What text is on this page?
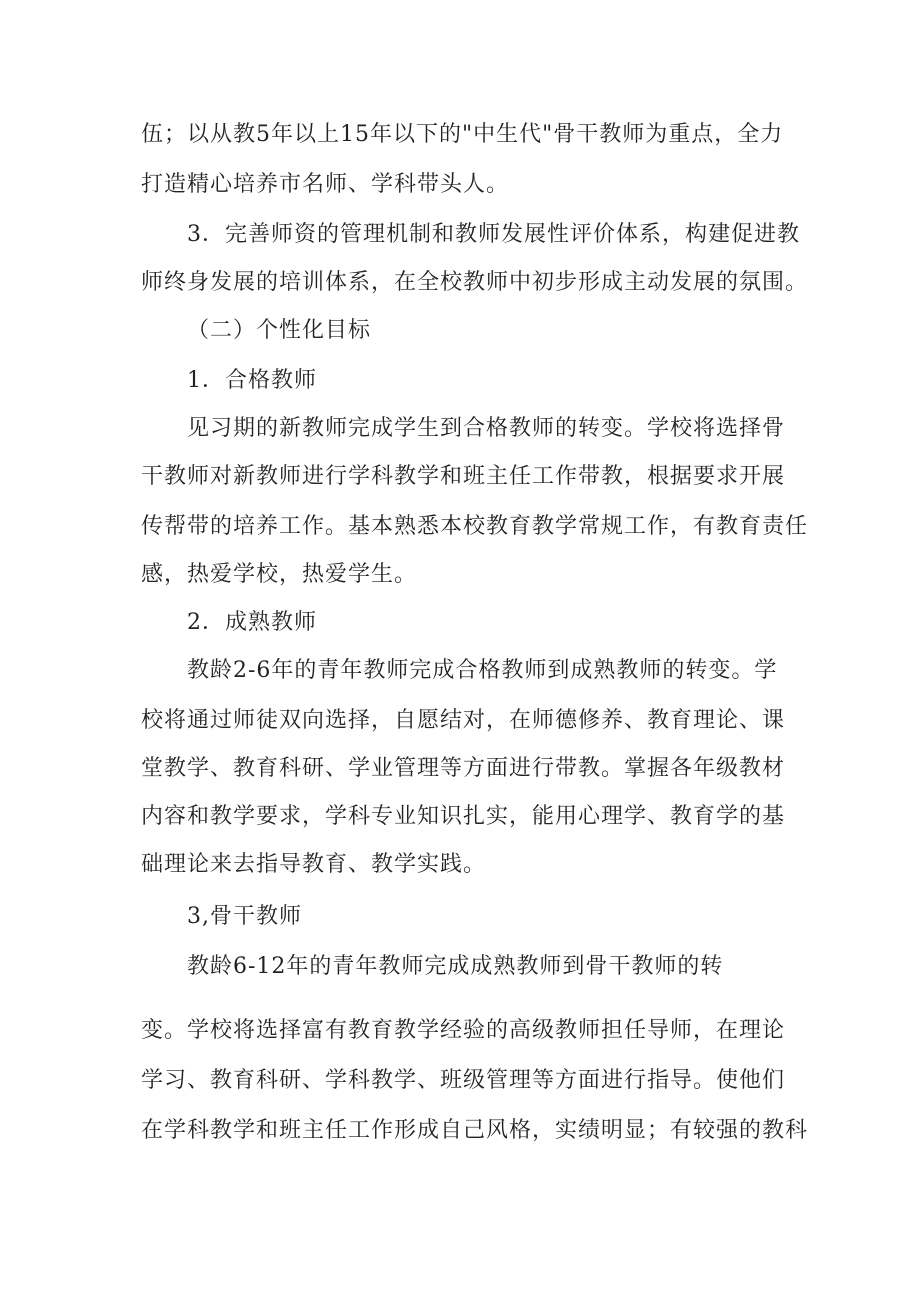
伍；以从教5年以上15年以下的"中生代"骨干教师为重点，全力
打造精心培养市名师、学科带头人。
3．完善师资的管理机制和教师发展性评价体系，构建促进教
师终身发展的培训体系，在全校教师中初步形成主动发展的氛围。
（二）个性化目标
1．合格教师
见习期的新教师完成学生到合格教师的转变。学校将选择骨
干教师对新教师进行学科教学和班主任工作带教，根据要求开展
传帮带的培养工作。基本熟悉本校教育教学常规工作，有教育责任
感，热爱学校，热爱学生。
2．成熟教师
教龄2-6年的青年教师完成合格教师到成熟教师的转变。学
校将通过师徒双向选择，自愿结对，在师德修养、教育理论、课
堂教学、教育科研、学业管理等方面进行带教。掌握各年级教材
内容和教学要求，学科专业知识扎实，能用心理学、教育学的基
础理论来去指导教育、教学实践。
3,骨干教师
教龄6-12年的青年教师完成成熟教师到骨干教师的转
变。学校将选择富有教育教学经验的高级教师担任导师，在理论
学习、教育科研、学科教学、班级管理等方面进行指导。使他们
在学科教学和班主任工作形成自己风格，实绩明显；有较强的教科
